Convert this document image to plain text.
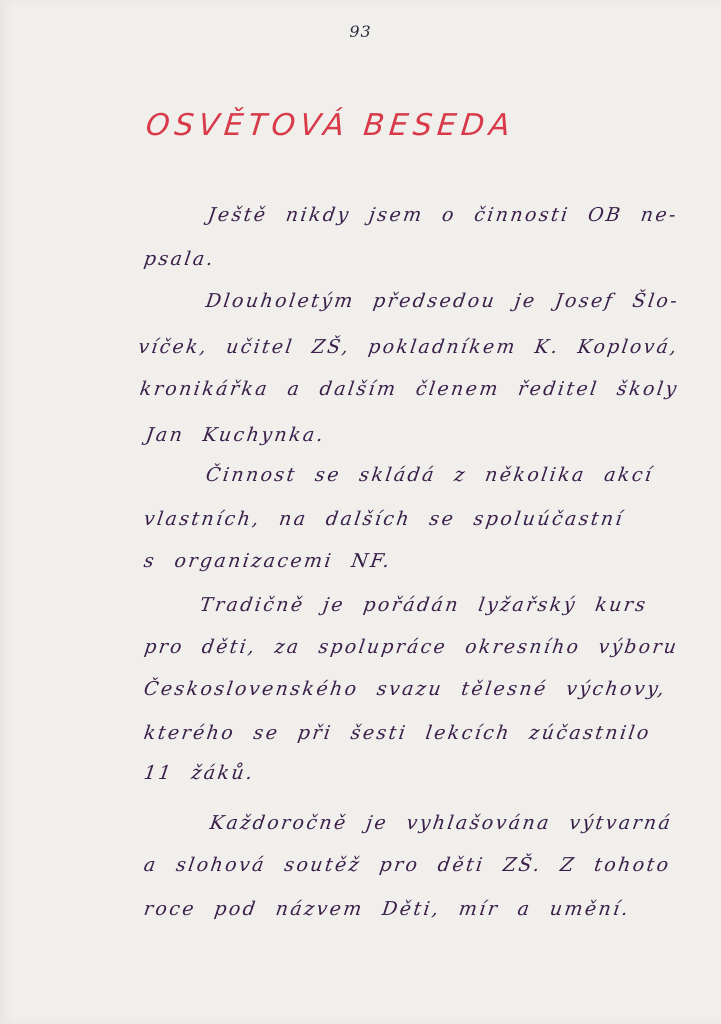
93
OSVĚTOVÁ BESEDA
Ještě nikdy jsem o činnosti OB ne-
psala.
Dlouholetým předsedou je Josef Šlo-
víček, učitel ZŠ, pokladníkem K. Koplová,
kronikářka a dalším členem ředitel školy
Jan Kuchynka.
Činnost se skládá z několika akcí
vlastních, na dalších se spoluúčastní
s organizacemi NF.
Tradičně je pořádán lyžařský kurs
pro děti, za spolupráce okresního výboru
Československého svazu tělesné výchovy,
kterého se při šesti lekcích zúčastnilo
11 žáků.
Každoročně je vyhlašována výtvarná
a slohová soutěž pro děti ZŠ. Z tohoto
roce pod názvem Děti, mír a umění.
